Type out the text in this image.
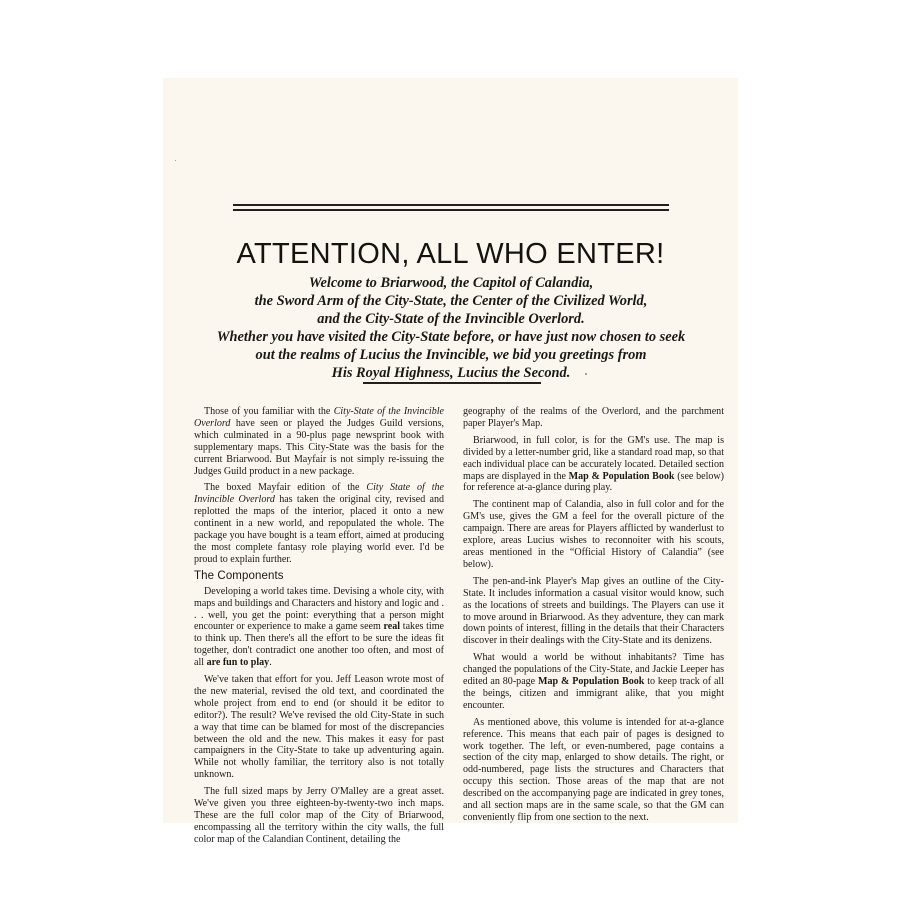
ATTENTION, ALL WHO ENTER!
Welcome to Briarwood, the Capitol of Calandia,
the Sword Arm of the City-State, the Center of the Civilized World,
and the City-State of the Invincible Overlord.
Whether you have visited the City-State before, or have just now chosen to seek
out the realms of Lucius the Invincible, we bid you greetings from
His Royal Highness, Lucius the Second.

Those of you familiar with the City-State of the Invincible Overlord have seen or played the Judges Guild versions, which culminated in a 90-plus page newsprint book with supplementary maps. This City-State was the basis for the current Briarwood. But Mayfair is not simply re-issuing the Judges Guild product in a new package.

The boxed Mayfair edition of the City State of the Invincible Overlord has taken the original city, revised and replotted the maps of the interior, placed it onto a new continent in a new world, and repopulated the whole. The package you have bought is a team effort, aimed at producing the most complete fantasy role playing world ever. I'd be proud to explain further.

The Components

Developing a world takes time. Devising a whole city, with maps and buildings and Characters and history and logic and . . . well, you get the point: everything that a person might encounter or experience to make a game seem real takes time to think up. Then there's all the effort to be sure the ideas fit together, don't contradict one another too often, and most of all are fun to play.

We've taken that effort for you. Jeff Leason wrote most of the new material, revised the old text, and coordinated the whole project from end to end (or should it be editor to editor?). The result? We've revised the old City-State in such a way that time can be blamed for most of the discrepancies between the old and the new. This makes it easy for past campaigners in the City-State to take up adventuring again. While not wholly familiar, the territory also is not totally unknown.

The full sized maps by Jerry O'Malley are a great asset. We've given you three eighteen-by-twenty-two inch maps. These are the full color map of the City of Briarwood, encompassing all the territory within the city walls, the full color map of the Calandian Continent, detailing the

geography of the realms of the Overlord, and the parchment paper Player's Map.

Briarwood, in full color, is for the GM's use. The map is divided by a letter-number grid, like a standard road map, so that each individual place can be accurately located. Detailed section maps are displayed in the Map & Population Book (see below) for reference at-a-glance during play.

The continent map of Calandia, also in full color and for the GM's use, gives the GM a feel for the overall picture of the campaign. There are areas for Players afflicted by wanderlust to explore, areas Lucius wishes to reconnoiter with his scouts, areas mentioned in the “Official History of Calandia” (see below).

The pen-and-ink Player's Map gives an outline of the City-State. It includes information a casual visitor would know, such as the locations of streets and buildings. The Players can use it to move around in Briarwood. As they adventure, they can mark down points of interest, filling in the details that their Characters discover in their dealings with the City-State and its denizens.

What would a world be without inhabitants? Time has changed the populations of the City-State, and Jackie Leeper has edited an 80-page Map & Population Book to keep track of all the beings, citizen and immigrant alike, that you might encounter.

As mentioned above, this volume is intended for at-a-glance reference. This means that each pair of pages is designed to work together. The left, or even-numbered, page contains a section of the city map, enlarged to show details. The right, or odd-numbered, page lists the structures and Characters that occupy this section. Those areas of the map that are not described on the accompanying page are indicated in grey tones, and all section maps are in the same scale, so that the GM can conveniently flip from one section to the next.
